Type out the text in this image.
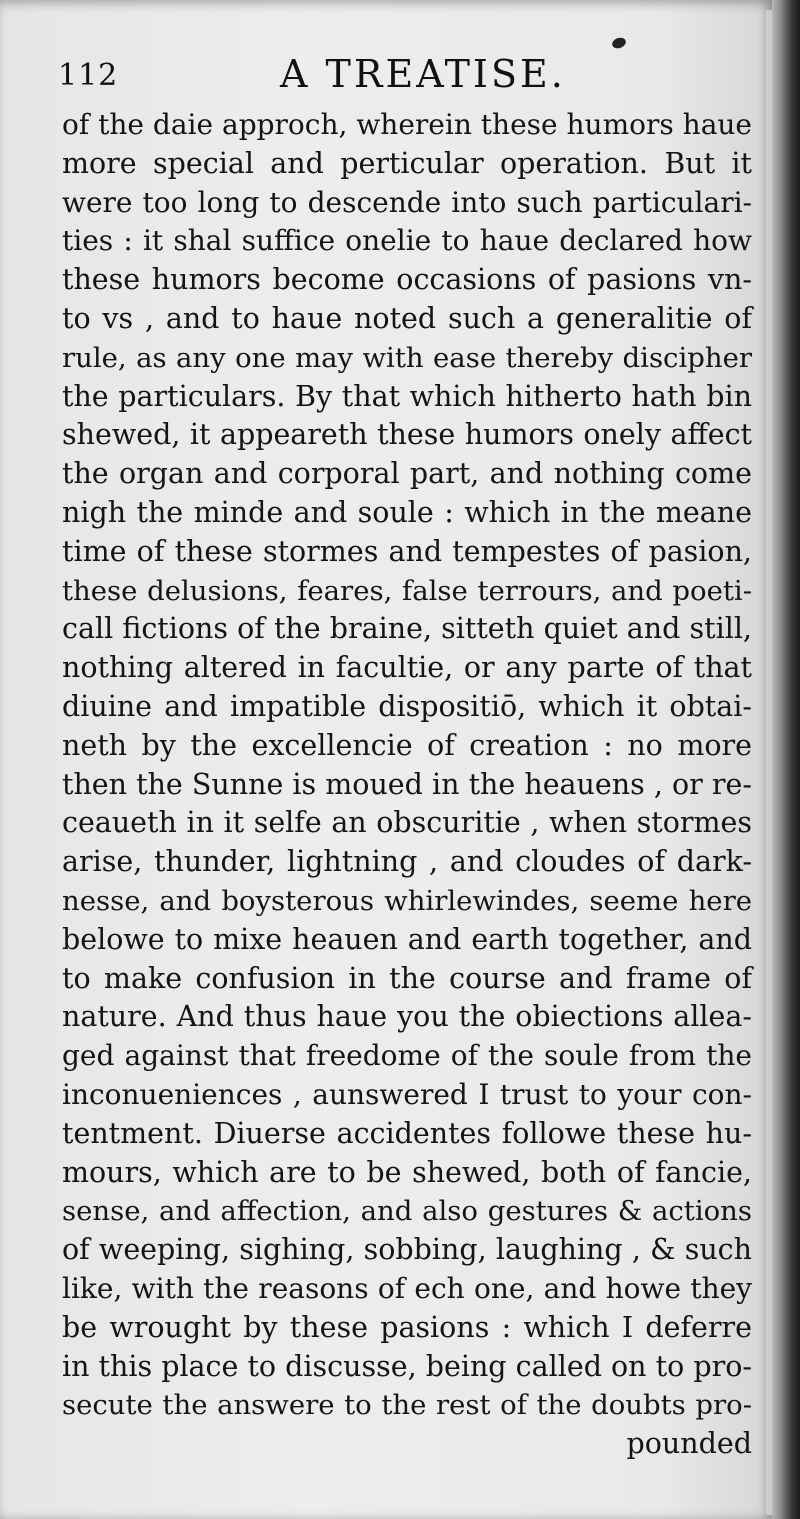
112	A TREATISE.
of the daie approch, wherein these humors haue
more special and perticular operation. But it
were too long to descende into such particulari-
ties : it shal suffice onelie to haue declared how
these humors become occasions of pasions vn-
to vs , and to haue noted such a generalitie of
rule, as any one may with ease thereby discipher
the particulars. By that which hitherto hath bin
shewed, it appeareth these humors onely affect
the organ and corporal part, and nothing come
nigh the minde and soule : which in the meane
time of these stormes and tempestes of pasion,
these delusions, feares, false terrours, and poeti-
call fictions of the braine, sitteth quiet and still,
nothing altered in facultie, or any parte of that
diuine and impatible dispositiō, which it obtai-
neth by the excellencie of creation : no more
then the Sunne is moued in the heauens , or re-
ceaueth in it selfe an obscuritie , when stormes
arise, thunder, lightning , and cloudes of dark-
nesse, and boysterous whirlewindes, seeme here
belowe to mixe heauen and earth together, and
to make confusion in the course and frame of
nature. And thus haue you the obiections allea-
ged against that freedome of the soule from the
inconueniences , aunswered I trust to your con-
tentment. Diuerse accidentes followe these hu-
mours, which are to be shewed, both of fancie,
sense, and affection, and also gestures & actions
of weeping, sighing, sobbing, laughing , & such
like, with the reasons of ech one, and howe they
be wrought by these pasions : which I deferre
in this place to discusse, being called on to pro-
secute the answere to the rest of the doubts pro-
pounded
